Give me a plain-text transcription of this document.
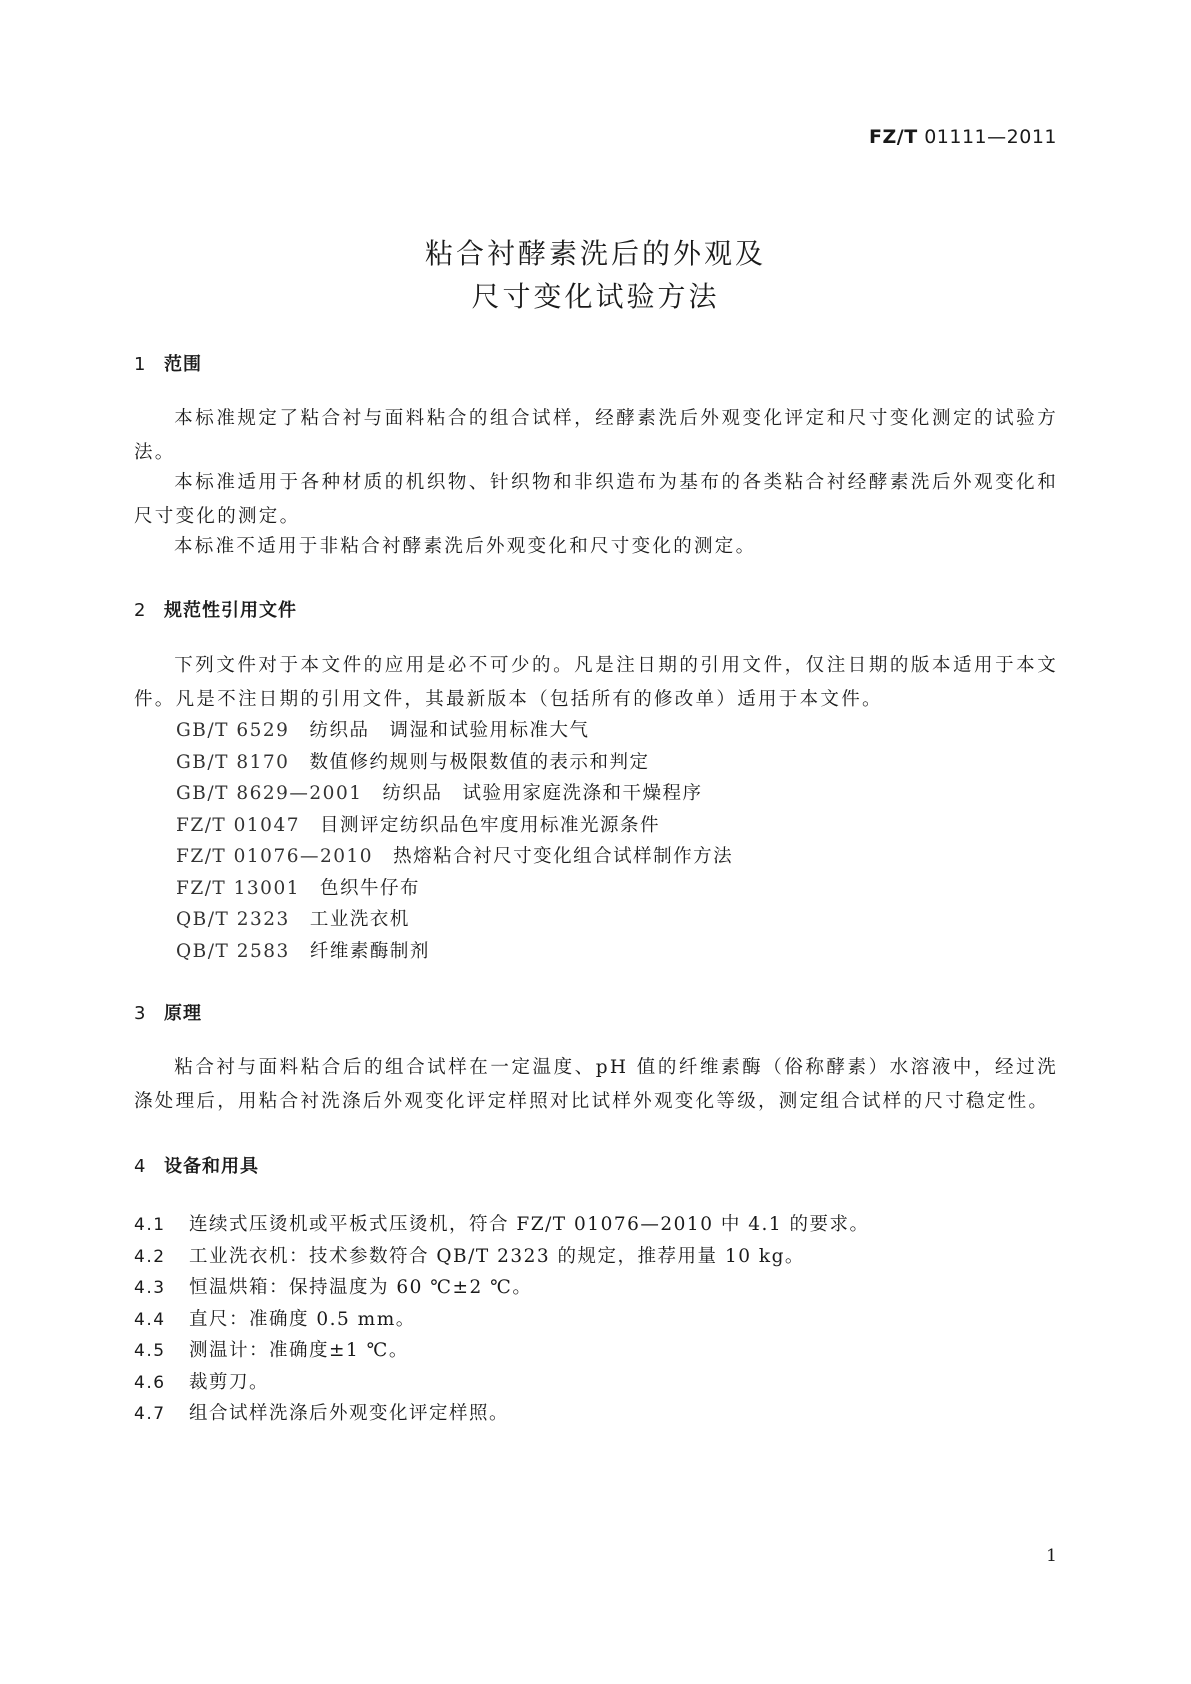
FZ/T 01111—2011
粘合衬酵素洗后的外观及
尺寸变化试验方法
1 范围
本标准规定了粘合衬与面料粘合的组合试样，经酵素洗后外观变化评定和尺寸变化测定的试验方法。
本标准适用于各种材质的机织物、针织物和非织造布为基布的各类粘合衬经酵素洗后外观变化和尺寸变化的测定。
本标准不适用于非粘合衬酵素洗后外观变化和尺寸变化的测定。
2 规范性引用文件
下列文件对于本文件的应用是必不可少的。凡是注日期的引用文件，仅注日期的版本适用于本文件。凡是不注日期的引用文件，其最新版本（包括所有的修改单）适用于本文件。
GB/T 6529　 纺织品　调湿和试验用标准大气
GB/T 8170　 数值修约规则与极限数值的表示和判定
GB/T 8629—2001　 纺织品　试验用家庭洗涤和干燥程序
FZ/T 01047　 目测评定纺织品色牢度用标准光源条件
FZ/T 01076—2010　 热熔粘合衬尺寸变化组合试样制作方法
FZ/T 13001　 色织牛仔布
QB/T 2323　 工业洗衣机
QB/T 2583　 纤维素酶制剂
3 原理
粘合衬与面料粘合后的组合试样在一定温度、pH 值的纤维素酶（俗称酵素）水溶液中，经过洗涤处理后，用粘合衬洗涤后外观变化评定样照对比试样外观变化等级，测定组合试样的尺寸稳定性。
4 设备和用具
4.1 连续式压烫机或平板式压烫机，符合 FZ/T 01076—2010 中 4.1 的要求。
4.2 工业洗衣机：技术参数符合 QB/T 2323 的规定，推荐用量 10 kg。
4.3 恒温烘箱：保持温度为 60 ℃±2 ℃。
4.4 直尺：准确度 0.5 mm。
4.5 测温计：准确度±1 ℃。
4.6 裁剪刀。
4.7 组合试样洗涤后外观变化评定样照。
1
